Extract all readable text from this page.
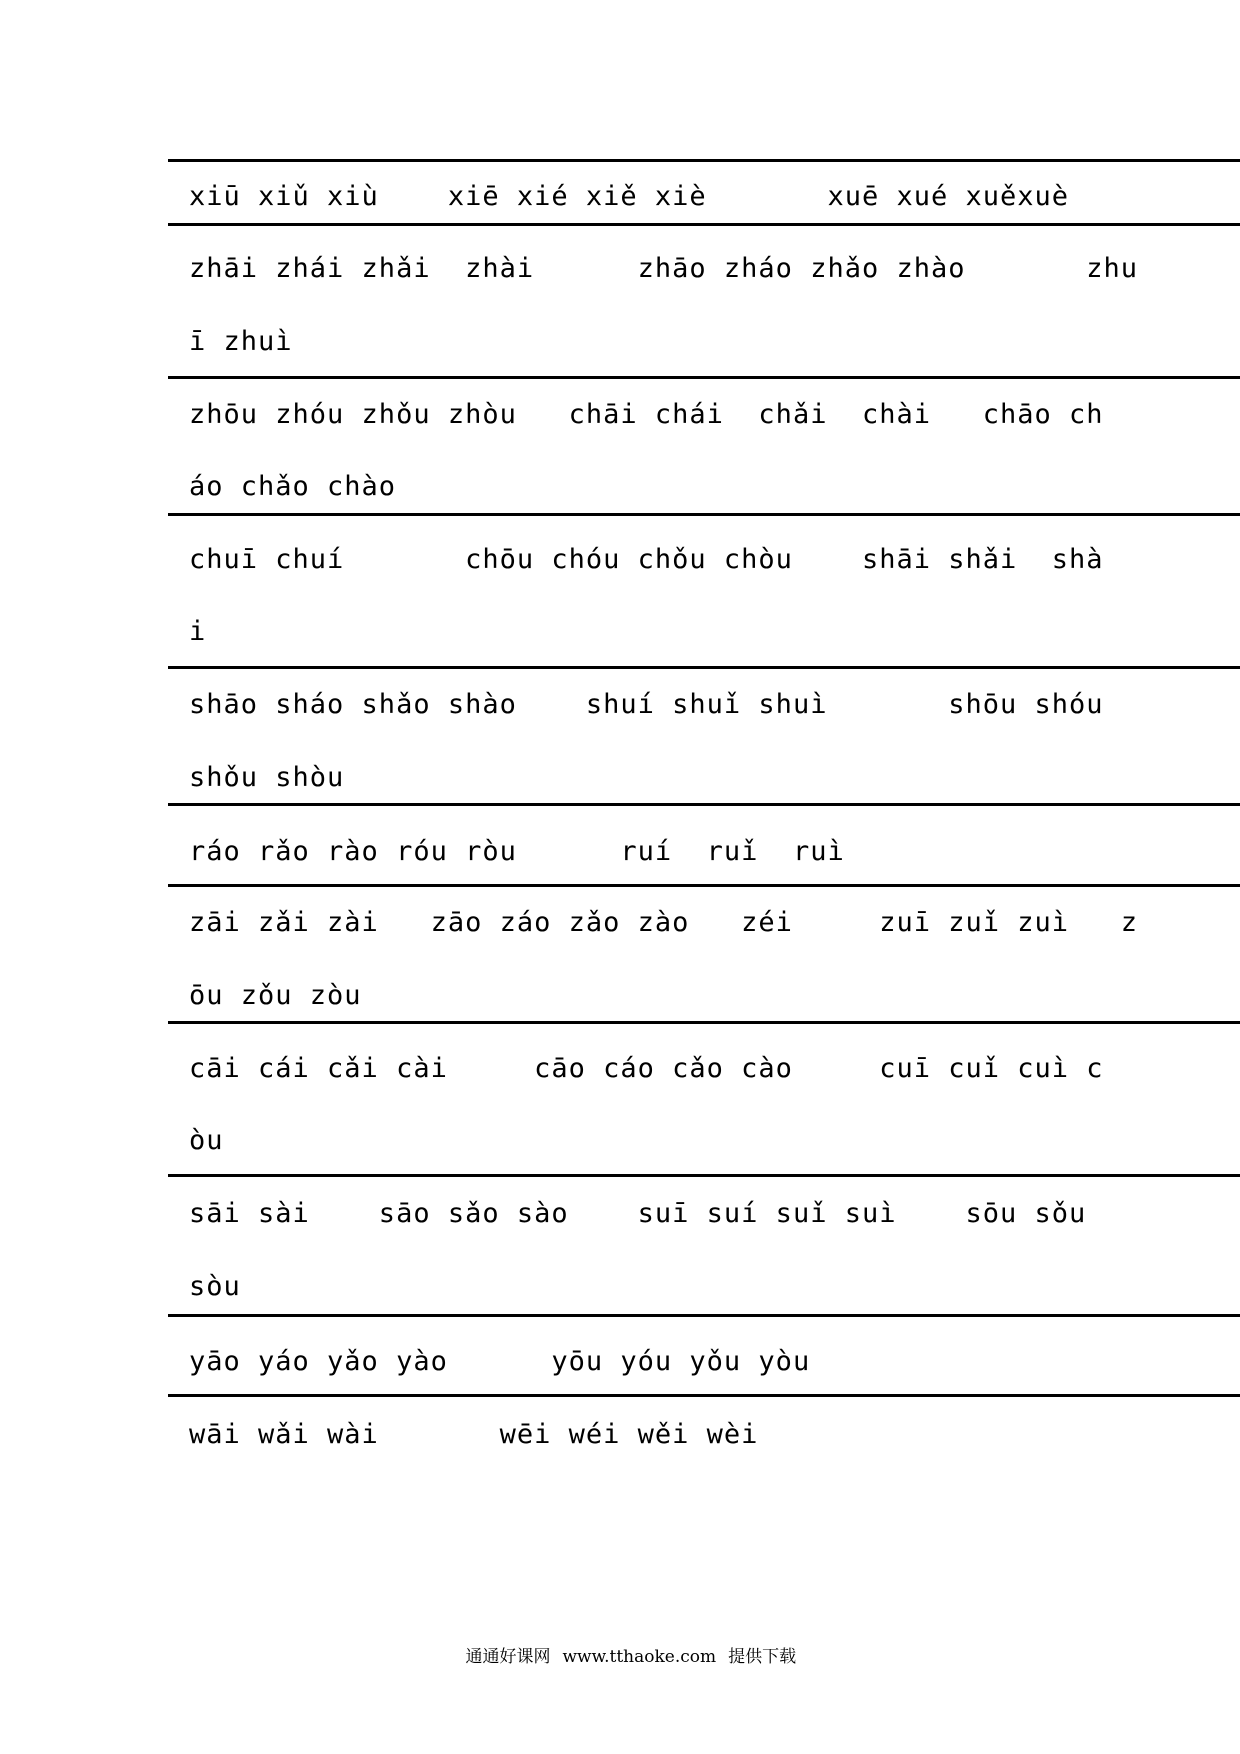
xiū xiǔ xiù    xiē xié xiě xiè       xuē xué xuěxuè
zhāi zhái zhǎi  zhài      zhāo zháo zhǎo zhào       zhu
ī zhuì
zhōu zhóu zhǒu zhòu   chāi chái  chǎi  chài   chāo ch
áo chǎo chào
chuī chuí       chōu chóu chǒu chòu    shāi shǎi  shà
i
shāo sháo shǎo shào    shuí shuǐ shuì       shōu shóu
shǒu shòu
ráo rǎo rào róu ròu      ruí  ruǐ  ruì
zāi zǎi zài   zāo záo zǎo zào   zéi     zuī zuǐ zuì   z
ōu zǒu zòu
cāi cái cǎi cài     cāo cáo cǎo cào     cuī cuǐ cuì c
òu
sāi sài    sāo sǎo sào    suī suí suǐ suì    sōu sǒu
sòu
yāo yáo yǎo yào      yōu yóu yǒu yòu
wāi wǎi wài       wēi wéi wěi wèi

通通好课网 www.tthaoke.com 提供下载
